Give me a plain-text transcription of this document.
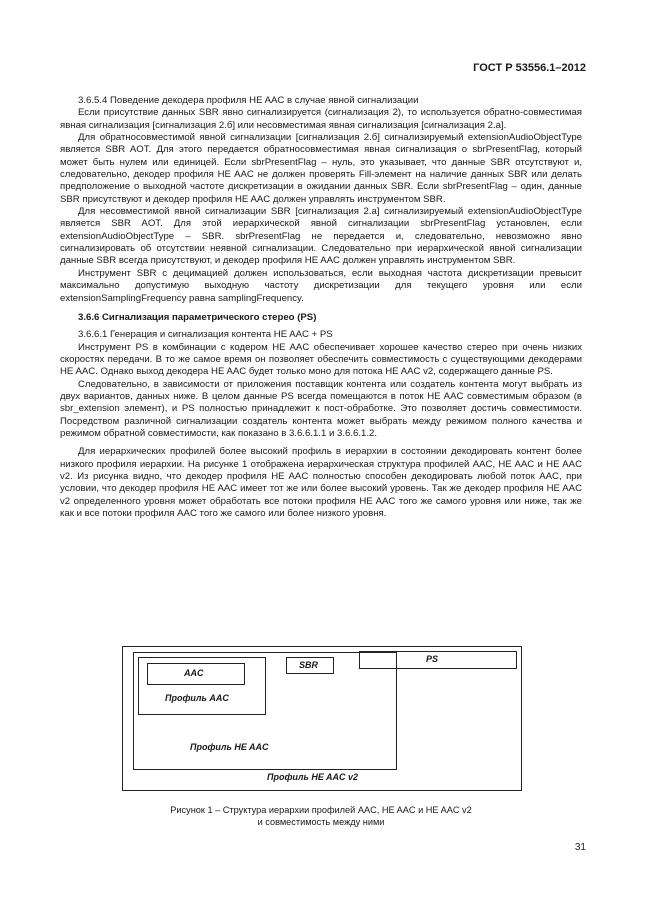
ГОСТ Р 53556.1–2012

3.6.5.4 Поведение декодера профиля HE AAC в случае явной сигнализации

Если присутствие данных SBR явно сигнализируется (сигнализация 2), то используется обратно-совместимая явная сигнализация [сигнализация 2.б] или несовместимая явная сигнализация [сигнализация 2.а].

Для обратносовместимой явной сигнализации [сигнализация 2.б] сигнализируемый extensionAudioObjectType является SBR AOT. Для этого передается обратносовместимая явная сигнализация о sbrPresentFlag, который может быть нулем или единицей. Если sbrPresentFlag – нуль, это указывает, что данные SBR отсутствуют и, следовательно, декодер профиля HE AAC не должен проверять Fill-элемент на наличие данных SBR или делать предположение о выходной частоте дискретизации в ожидании данных SBR. Если sbrPresentFlag – один, данные SBR присутствуют и декодер профиля HE AAC должен управлять инструментом SBR.

Для несовместимой явной сигнализации SBR [сигнализация 2.а] сигнализируемый extensionAudioObjectType является SBR AOT. Для этой иерархической явной сигнализации sbrPresentFlag установлен, если extensionAudioObjectType – SBR. sbrPresentFlag не передается и, следовательно, невозможно явно сигнализировать об отсутствии неявной сигнализации. Следовательно при иерархической явной сигнализации данные SBR всегда присутствуют, и декодер профиля HE AAC должен управлять инструментом SBR.

Инструмент SBR с децимацией должен использоваться, если выходная частота дискретизации превысит максимально допустимую выходную частоту дискретизации для текущего уровня или если extensionSamplingFrequency равна samplingFrequency.

3.6.6 Сигнализация параметрического стерео (PS)

3.6.6.1 Генерация и сигнализация контента HE AAC + PS

Инструмент PS в комбинации с кодером HE AAC обеспечивает хорошее качество стерео при очень низких скоростях передачи. В то же самое время он позволяет обеспечить совместимость с существующими декодерами HE AAC. Однако выход декодера HE AAC будет только моно для потока HE AAC v2, содержащего данные PS.

Следовательно, в зависимости от приложения поставщик контента или создатель контента могут выбрать из двух вариантов, данных ниже. В целом данные PS всегда помещаются в поток HE AAC совместимым образом (в sbr_extension элемент), и PS полностью принадлежит к пост-обработке. Это позволяет достичь совместимости. Посредством различной сигнализации создатель контента может выбрать между режимом полного качества и режимом обратной совместимости, как показано в 3.6.6.1.1 и 3.6.6.1.2.

Для иерархических профилей более высокий профиль в иерархии в состоянии декодировать контент более низкого профиля иерархии. На рисунке 1 отображена иерархическая структура профилей AAC, HE AAC и HE AAC v2. Из рисунка видно, что декодер профиля HE AAC полностью способен декодировать любой поток AAC, при условии, что декодер профиля HE AAC имеет тот же или более высокий уровень. Так же декодер профиля HE AAC v2 определенного уровня может обработать все потоки профиля HE AAC того же самого уровня или ниже, так же как и все потоки профиля AAC того же самого или более низкого уровня.

AAC
Профиль AAC
SBR
Профиль HE AAC
PS
Профиль HE AAC v2
Рисунок 1 – Структура иерархии профилей AAC, HE AAC и HE AAC v2
и совместимость между ними
31
